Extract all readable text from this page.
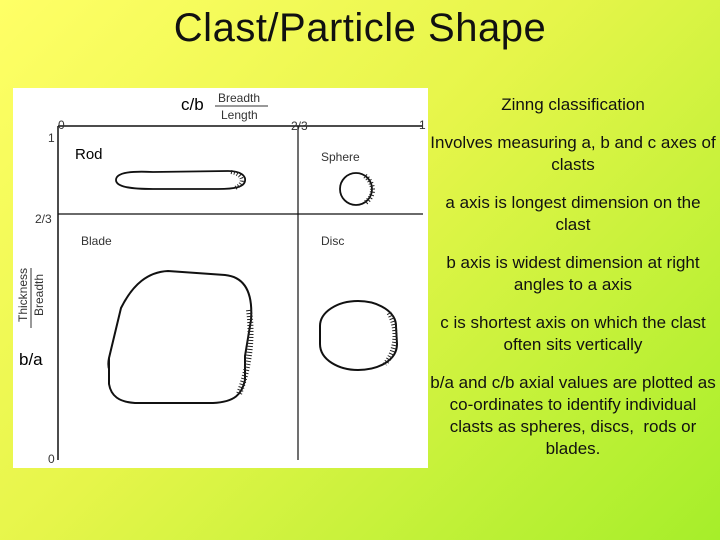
Clast/Particle Shape
c/b Breadth
Length
0	2/3	1
1
2/3
0
Thickness Breadth
b/a
Rod	Sphere
Blade	Disc
Zinng classification
Involves measuring a, b and c axes of clasts
a axis is longest dimension on the clast
b axis is widest dimension at right angles to a axis
c is shortest axis on which the clast often sits vertically
b/a and c/b axial values are plotted as co-ordinates to identify individual    clasts as spheres, discs,  rods or blades.
